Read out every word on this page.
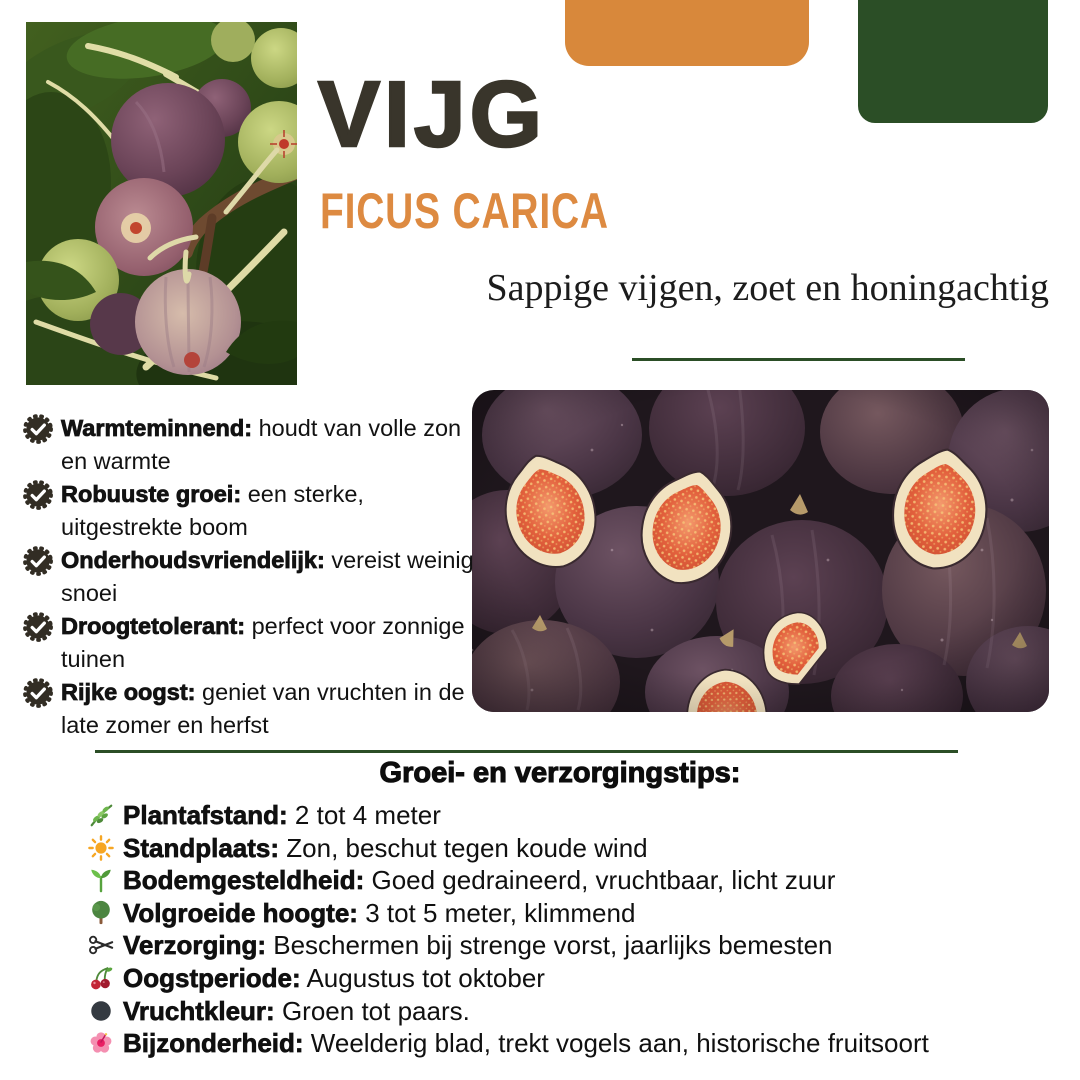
VIJG
FICUS CARICA
Sappige vijgen, zoet en honingachtig
Warmteminnend: houdt van volle zon en warmte
Robuuste groei: een sterke, uitgestrekte boom
Onderhoudsvriendelijk: vereist weinig snoei
Droogtetolerant: perfect voor zonnige tuinen
Rijke oogst: geniet van vruchten in de late zomer en herfst
Groei- en verzorgingstips:
Plantafstand: 2 tot 4 meter
Standplaats: Zon, beschut tegen koude wind
Bodemgesteldheid: Goed gedraineerd, vruchtbaar, licht zuur
Volgroeide hoogte: 3 tot 5 meter, klimmend
Verzorging: Beschermen bij strenge vorst, jaarlijks bemesten
Oogstperiode: Augustus tot oktober
Vruchtkleur: Groen tot paars.
Bijzonderheid: Weelderig blad, trekt vogels aan, historische fruitsoort
